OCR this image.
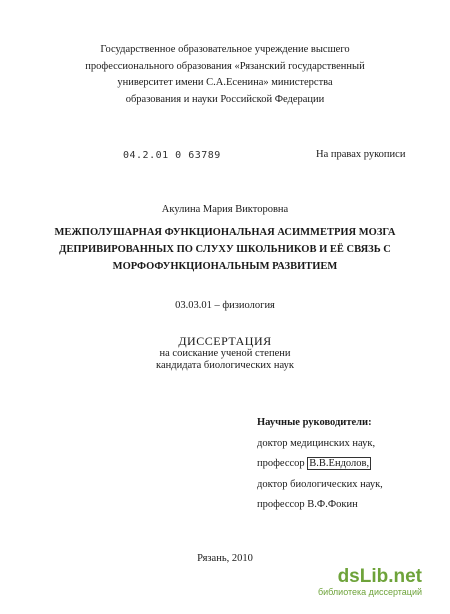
Государственное образовательное учреждение высшего
профессионального образования «Рязанский государственный
университет имени С.А.Есенина» министерства
образования и науки Российской Федерации
04.2.01 0 63789	На правах рукописи
Акулина Мария Викторовна
МЕЖПОЛУШАРНАЯ ФУНКЦИОНАЛЬНАЯ АСИММЕТРИЯ МОЗГА
ДЕПРИВИРОВАННЫХ ПО СЛУХУ ШКОЛЬНИКОВ И ЕЁ СВЯЗЬ С
МОРФОФУНКЦИОНАЛЬНЫМ РАЗВИТИЕМ
03.03.01 – физиология
ДИССЕРТАЦИЯ
на соискание ученой степени
кандидата биологических наук
Научные руководители:
доктор медицинских наук,
профессор В.В.Ендолов,
доктор биологических наук,
профессор В.Ф.Фокин
Рязань, 2010
dsLib.net
библиотека диссертаций
